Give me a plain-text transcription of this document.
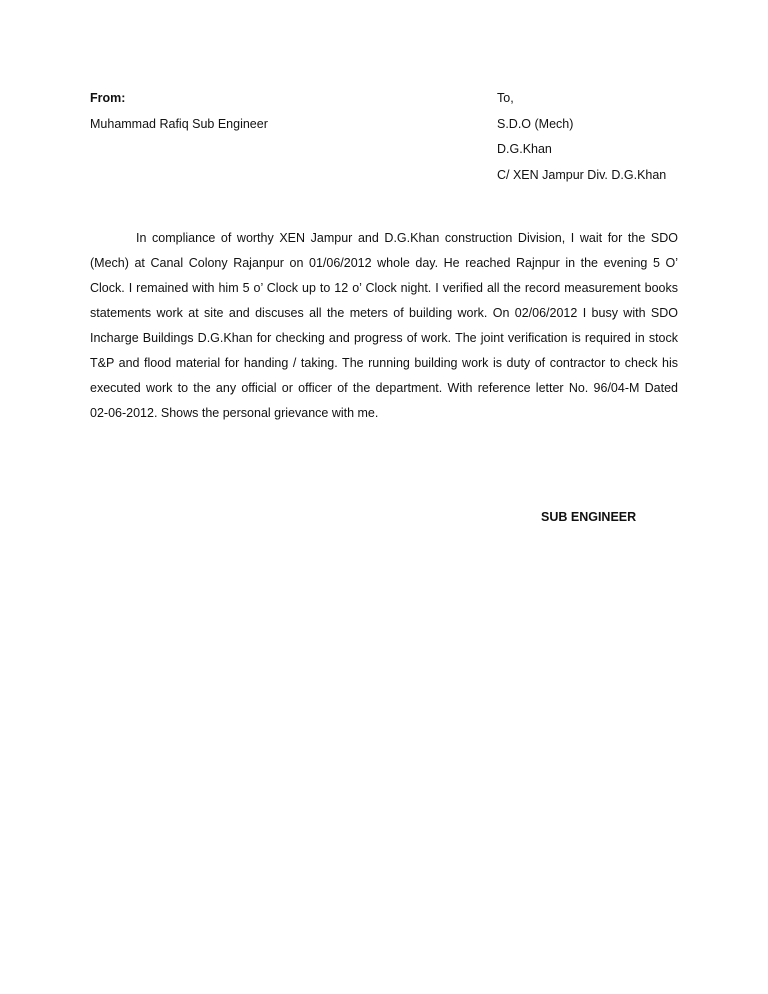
From:
Muhammad Rafiq Sub Engineer
To,
S.D.O (Mech)
D.G.Khan
C/ XEN Jampur Div. D.G.Khan
In compliance of worthy XEN Jampur and D.G.Khan construction Division, I wait for the SDO
(Mech) at Canal Colony Rajanpur on 01/06/2012 whole day. He reached Rajnpur in the evening 5 O’
Clock. I remained with him 5 o’ Clock up to 12 o’ Clock night. I verified all the record measurement books
statements work at site and discuses all the meters of building work. On 02/06/2012 I busy with SDO
Incharge Buildings D.G.Khan for checking and progress of work. The joint verification is required in stock
T&P and flood material for handing / taking. The running building work is duty of contractor to check his
executed work to the any official or officer of the department. With reference letter No. 96/04-M Dated
02-06-2012. Shows the personal grievance with me.
SUB ENGINEER
